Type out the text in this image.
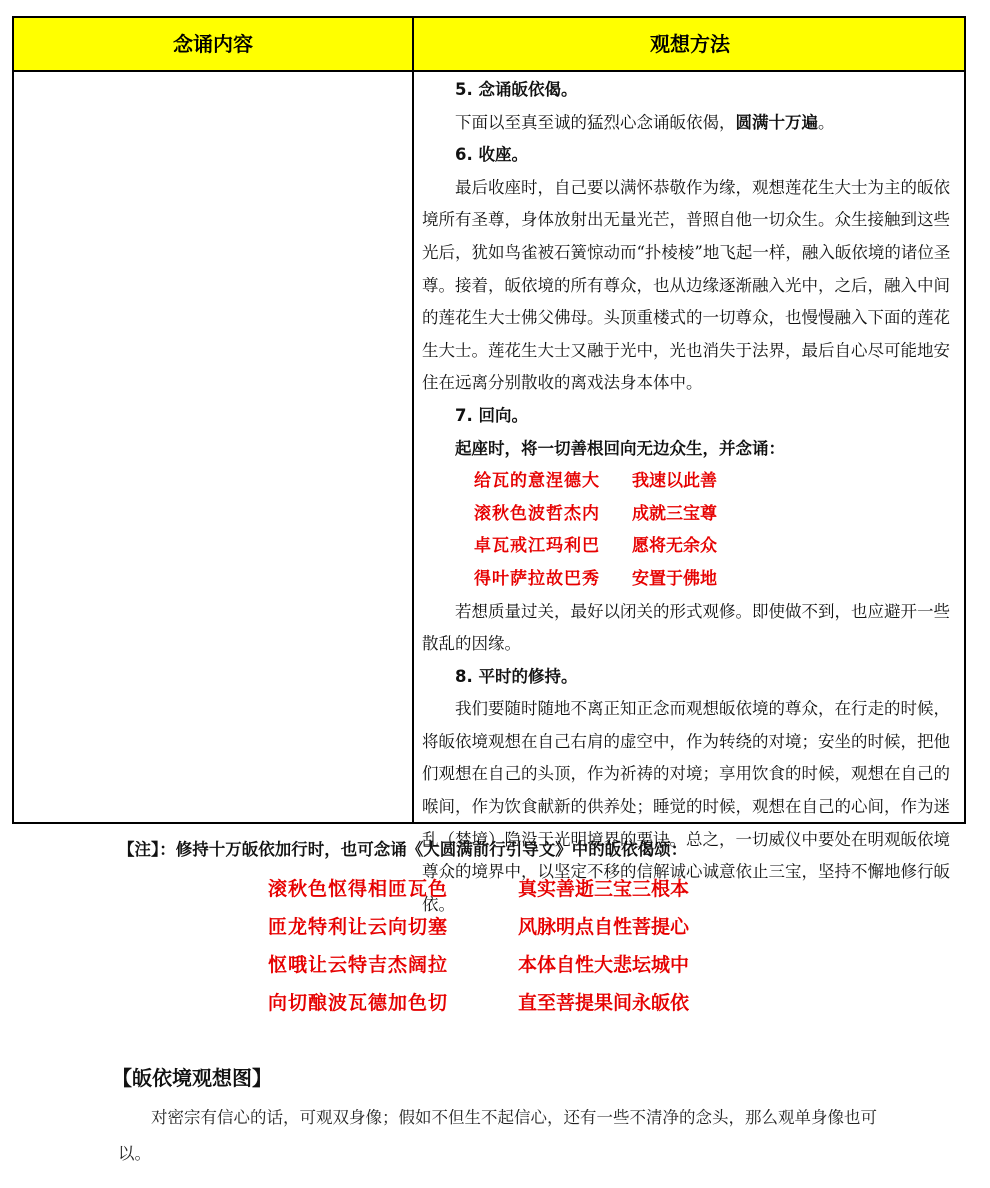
念诵内容	观想方法

5. 念诵皈依偈。

下面以至真至诚的猛烈心念诵皈依偈，圆满十万遍。

6. 收座。

最后收座时，自己要以满怀恭敬作为缘，观想莲花生大士为主的皈依境所有圣尊，身体放射出无量光芒，普照自他一切众生。众生接触到这些光后，犹如鸟雀被石簧惊动而“扑棱棱”地飞起一样，融入皈依境的诸位圣尊。接着，皈依境的所有尊众，也从边缘逐渐融入光中，之后，融入中间的莲花生大士佛父佛母。头顶重楼式的一切尊众，也慢慢融入下面的莲花生大士。莲花生大士又融于光中，光也消失于法界，最后自心尽可能地安住在远离分别散收的离戏法身本体中。

7. 回向。

起座时，将一切善根回向无边众生，并念诵：

给瓦的意涅德大 我速以此善
滚秋色波哲杰内 成就三宝尊
卓瓦戒江玛利巴 愿将无余众
得叶萨拉故巴秀 安置于佛地

若想质量过关，最好以闭关的形式观修。即使做不到，也应避开一些散乱的因缘。

8. 平时的修持。

我们要随时随地不离正知正念而观想皈依境的尊众，在行走的时候，将皈依境观想在自己右肩的虚空中，作为转绕的对境；安坐的时候，把他们观想在自己的头顶，作为祈祷的对境；享用饮食的时候，观想在自己的喉间，作为饮食献新的供养处；睡觉的时候，观想在自己的心间，作为迷乱（梦境）隐没于光明境界的要诀。总之，一切威仪中要处在明观皈依境尊众的境界中，以坚定不移的信解诚心诚意依止三宝，坚持不懈地修行皈依。

【注】：修持十万皈依加行时，也可念诵《大圆满前行引导文》中的皈依偈颂：
滚秋色怄得相匝瓦色	真实善逝三宝三根本
匝龙特利让云向切塞	风脉明点自性菩提心
怄哦让云特吉杰阔拉	本体自性大悲坛城中
向切酿波瓦德加色切	直至菩提果间永皈依
【皈依境观想图】

对密宗有信心的话，可观双身像；假如不但生不起信心，还有一些不清净的念头，那么观单身像也可以。
